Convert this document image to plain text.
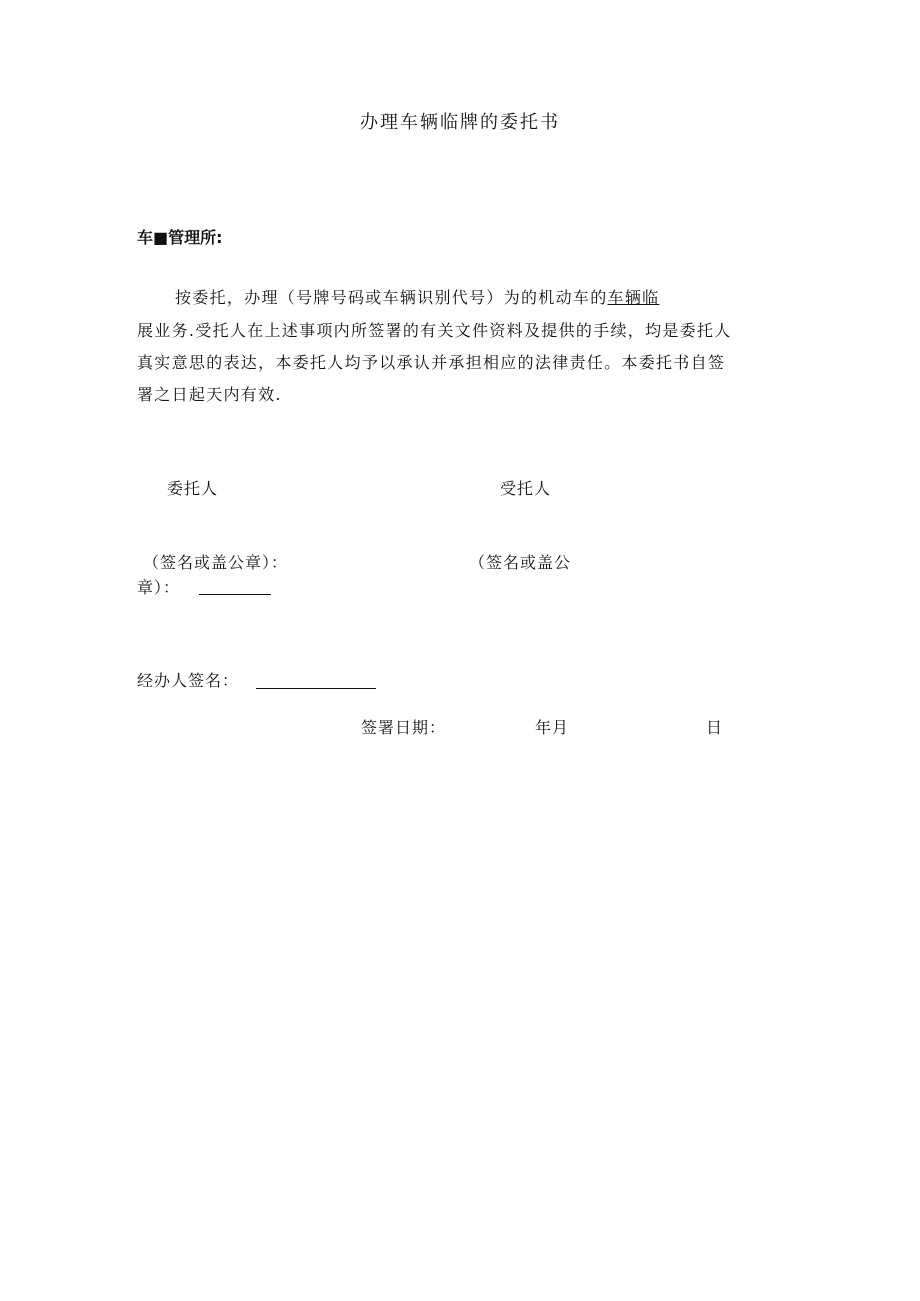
办理车辆临牌的委托书
车■管理所:
按委托，办理（号牌号码或车辆识别代号）为的机动车的车辆临
展业务.受托人在上述事项内所签署的有关文件资料及提供的手续，均是委托人
真实意思的表达，本委托人均予以承认并承担相应的法律责任。本委托书自签
署之日起天内有效.
委托人	受托人
（签名或盖公章）：	（签名或盖公
章）：
经办人签名：
签署日期：	年月	日
